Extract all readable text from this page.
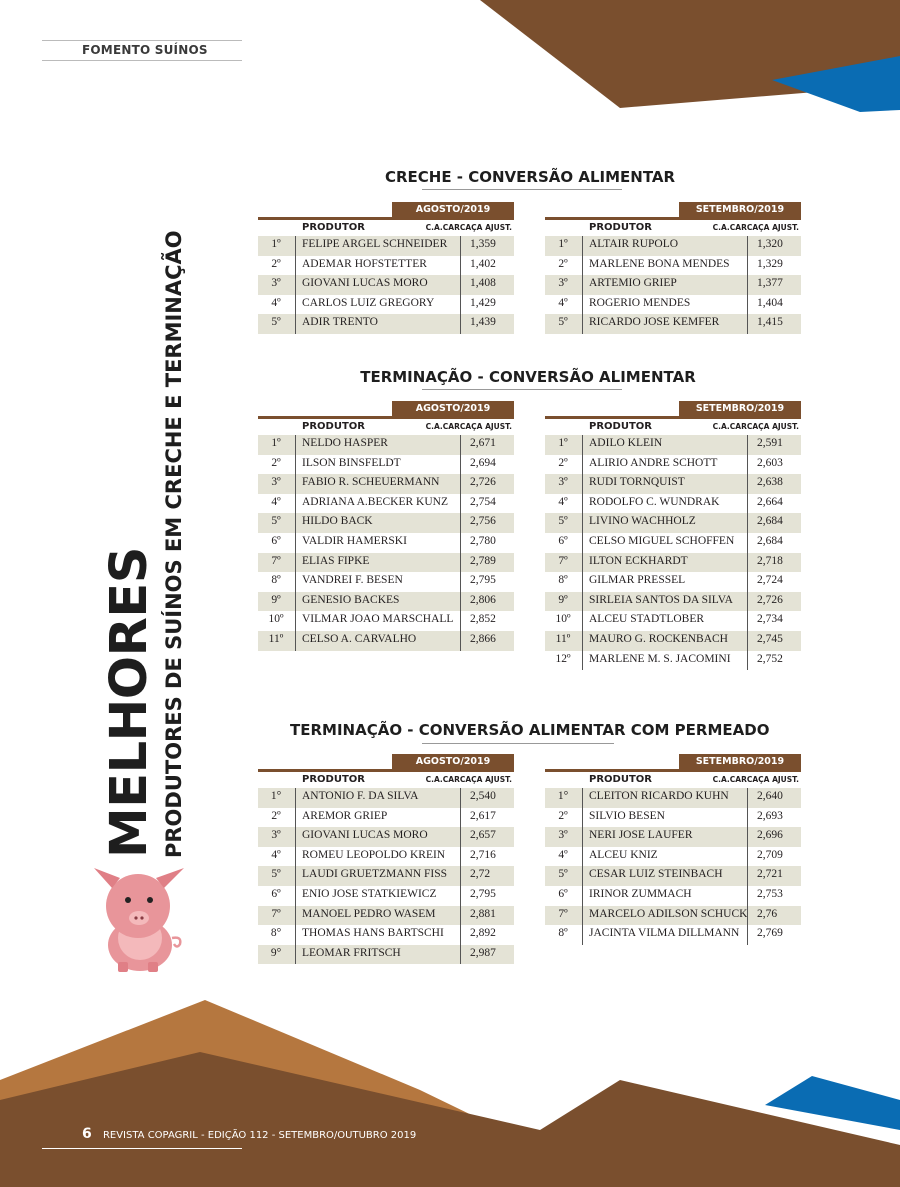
FOMENTO SUÍNOS
MELHORES PRODUTORES DE SUÍNOS EM CRECHE E TERMINAÇÃO
CRECHE - CONVERSÃO ALIMENTAR
TERMINAÇÃO - CONVERSÃO ALIMENTAR
TERMINAÇÃO - CONVERSÃO ALIMENTAR COM PERMEADO
AGOSTO/2019
PRODUTOR	C.A.CARCAÇA AJUST.
1º	FELIPE ARGEL SCHNEIDER 1,359
2º	ADEMAR HOFSTETTER	1,402
3º	GIOVANI LUCAS MORO	1,408
4º	CARLOS LUIZ GREGORY	1,429
5º	ADIR TRENTO	1,439
SETEMBRO/2019
PRODUTOR	C.A.CARCAÇA AJUST.
1º	ALTAIR RUPOLO	1,320
2º	MARLENE BONA MENDES 1,329
3º	ARTEMIO GRIEP	1,377
4º	ROGERIO MENDES	1,404
5º	RICARDO JOSE KEMFER	1,415
AGOSTO/2019
PRODUTOR	C.A.CARCAÇA AJUST.
1º	NELDO HASPER	2,671
2º	ILSON BINSFELDT	2,694
3º	FABIO R. SCHEUERMANN	2,726
4º	ADRIANA A.BECKER KUNZ 2,754
5º	HILDO BACK	2,756
6º	VALDIR HAMERSKI	2,780
7º	ELIAS FIPKE	2,789
8º	VANDREI F. BESEN	2,795
9º	GENESIO BACKES	2,806
10º	VILMAR JOAO MARSCHALL 2,852
11º	CELSO A. CARVALHO	2,866
SETEMBRO/2019
PRODUTOR	C.A.CARCAÇA AJUST.
1º	ADILO KLEIN	2,591
2º	ALIRIO ANDRE SCHOTT	2,603
3º	RUDI TORNQUIST	2,638
4º	RODOLFO C. WUNDRAK	2,664
5º	LIVINO WACHHOLZ	2,684
6º	CELSO MIGUEL SCHOFFEN 2,684
7º	ILTON ECKHARDT	2,718
8º	GILMAR PRESSEL	2,724
9º	SIRLEIA SANTOS DA SILVA 2,726
10º	ALCEU STADTLOBER	2,734
11º	MAURO G. ROCKENBACH	2,745
12º	MARLENE M. S. JACOMINI 2,752
AGOSTO/2019
PRODUTOR	C.A.CARCAÇA AJUST.
1°	ANTONIO F. DA SILVA	2,540
2º	AREMOR GRIEP	2,617
3º	GIOVANI LUCAS MORO	2,657
4º	ROMEU LEOPOLDO KREIN 2,716
5º	LAUDI GRUETZMANN FISS 2,72
6º	ENIO JOSE STATKIEWICZ	2,795
7º	MANOEL PEDRO WASEM	2,881
8°	THOMAS HANS BARTSCHI 2,892
9°	LEOMAR FRITSCH	2,987
SETEMBRO/2019
PRODUTOR	C.A.CARCAÇA AJUST.
1°	CLEITON RICARDO KUHN 2,640
2º	SILVIO BESEN	2,693
3º	NERI JOSE LAUFER	2,696
4º	ALCEU KNIZ	2,709
5º	CESAR LUIZ STEINBACH	2,721
6º	IRINOR ZUMMACH	2,753
7º	MARCELO ADILSON SCHUCK 2,76
8º	JACINTA VILMA DILLMANN 2,769
6 REVISTA COPAGRIL - EDIÇÃO 112 - SETEMBRO/OUTUBRO 2019
